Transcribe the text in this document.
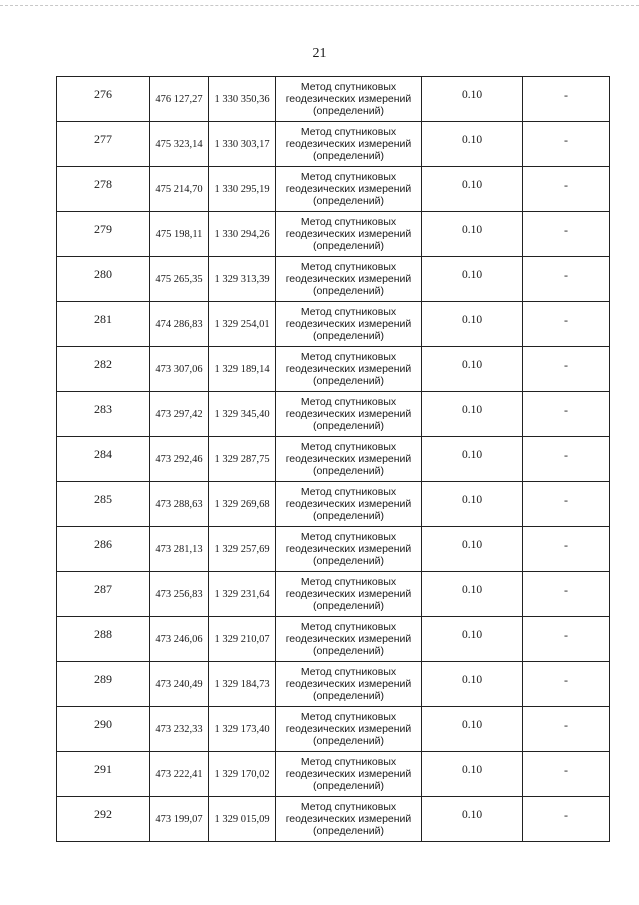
21
276	476 127,27	1 330 350,36	Метод спутниковых
геодезических измерений
(определений)	0.10	-
277	475 323,14	1 330 303,17	Метод спутниковых
геодезических измерений
(определений)	0.10	-
278	475 214,70	1 330 295,19	Метод спутниковых
геодезических измерений
(определений)	0.10	-
279	475 198,11	1 330 294,26	Метод спутниковых
геодезических измерений
(определений)	0.10	-
280	475 265,35	1 329 313,39	Метод спутниковых
геодезических измерений
(определений)	0.10	-
281	474 286,83	1 329 254,01	Метод спутниковых
геодезических измерений
(определений)	0.10	-
282	473 307,06	1 329 189,14	Метод спутниковых
геодезических измерений
(определений)	0.10	-
283	473 297,42	1 329 345,40	Метод спутниковых
геодезических измерений
(определений)	0.10	-
284	473 292,46	1 329 287,75	Метод спутниковых
геодезических измерений
(определений)	0.10	-
285	473 288,63	1 329 269,68	Метод спутниковых
геодезических измерений
(определений)	0.10	-
286	473 281,13	1 329 257,69	Метод спутниковых
геодезических измерений
(определений)	0.10	-
287	473 256,83	1 329 231,64	Метод спутниковых
геодезических измерений
(определений)	0.10	-
288	473 246,06	1 329 210,07	Метод спутниковых
геодезических измерений
(определений)	0.10	-
289	473 240,49	1 329 184,73	Метод спутниковых
геодезических измерений
(определений)	0.10	-
290	473 232,33	1 329 173,40	Метод спутниковых
геодезических измерений
(определений)	0.10	-
291	473 222,41	1 329 170,02	Метод спутниковых
геодезических измерений
(определений)	0.10	-
292	473 199,07	1 329 015,09	Метод спутниковых
геодезических измерений
(определений)	0.10	-
